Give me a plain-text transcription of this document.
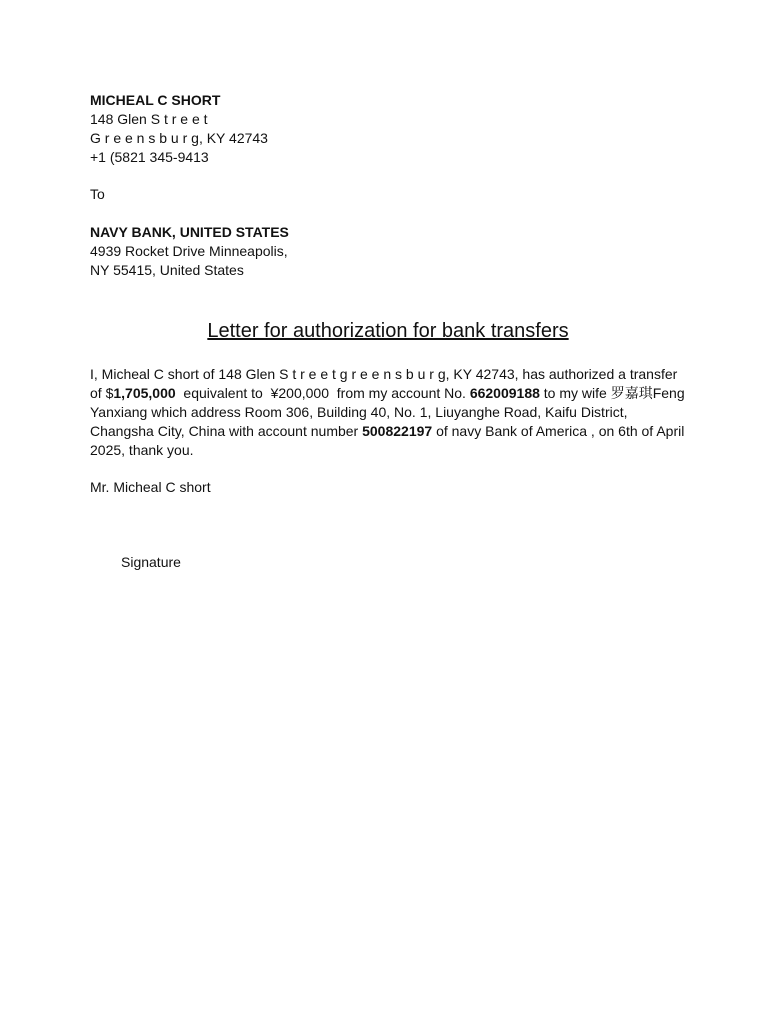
MICHEAL C SHORT
148 Glen S t r e e t
G r e e n s b u r g, KY 42743
+1 (5821 345-9413
To
NAVY BANK, UNITED STATES
4939 Rocket Drive Minneapolis,
NY 55415, United States
Letter for authorization for bank transfers
I, Micheal C short of 148 Glen S t r e e t g r e e n s b u r g, KY 42743, has authorized a transfer
of $1,705,000  equivalent to  ¥200,000  from my account No. 662009188 to my wife 罗嘉琪Feng
Yanxiang which address Room 306, Building 40, No. 1, Liuyanghe Road, Kaifu District,
Changsha City, China with account number 500822197 of navy Bank of America , on 6th of April
2025, thank you.
Mr. Micheal C short
Signature
